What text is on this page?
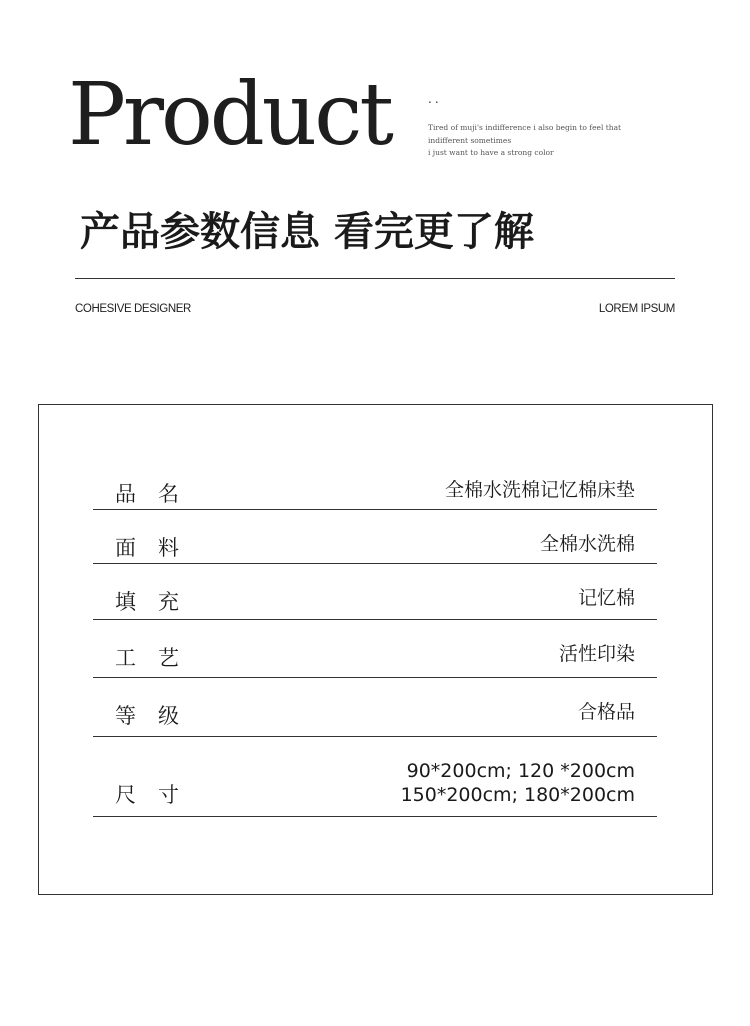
Product	..
Tired of muji's indifference i also begin to feel that
indifferent sometimes
i just want to have a strong color
产品参数信息 看完更了解
COHESIVE DESIGNER	LOREM IPSUM
品名	全棉水洗棉记忆棉床垫
面料	全棉水洗棉
填充	记忆棉
工艺	活性印染
等级	合格品
尺寸
90*200cm; 120 *200cm
150*200cm; 180*200cm
